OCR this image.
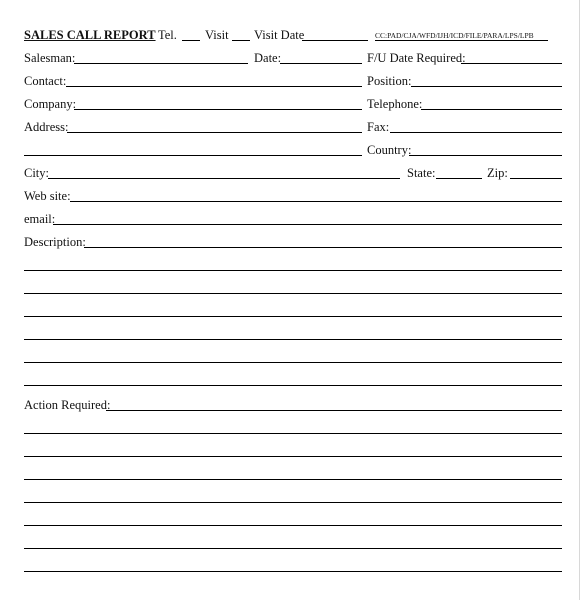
SALES CALL REPORT Tel. Visit Visit Date	CC:PAD/CJA/WFD/IJH/ICD/FILE/PARA/LPS/LPB
Salesman:	Date:	F/U Date Required:
Contact:	Position:
Company:	Telephone:
Address:	Fax:
Country:
City:	State:	Zip:
Web site:
email:
Description:
Action Required:
